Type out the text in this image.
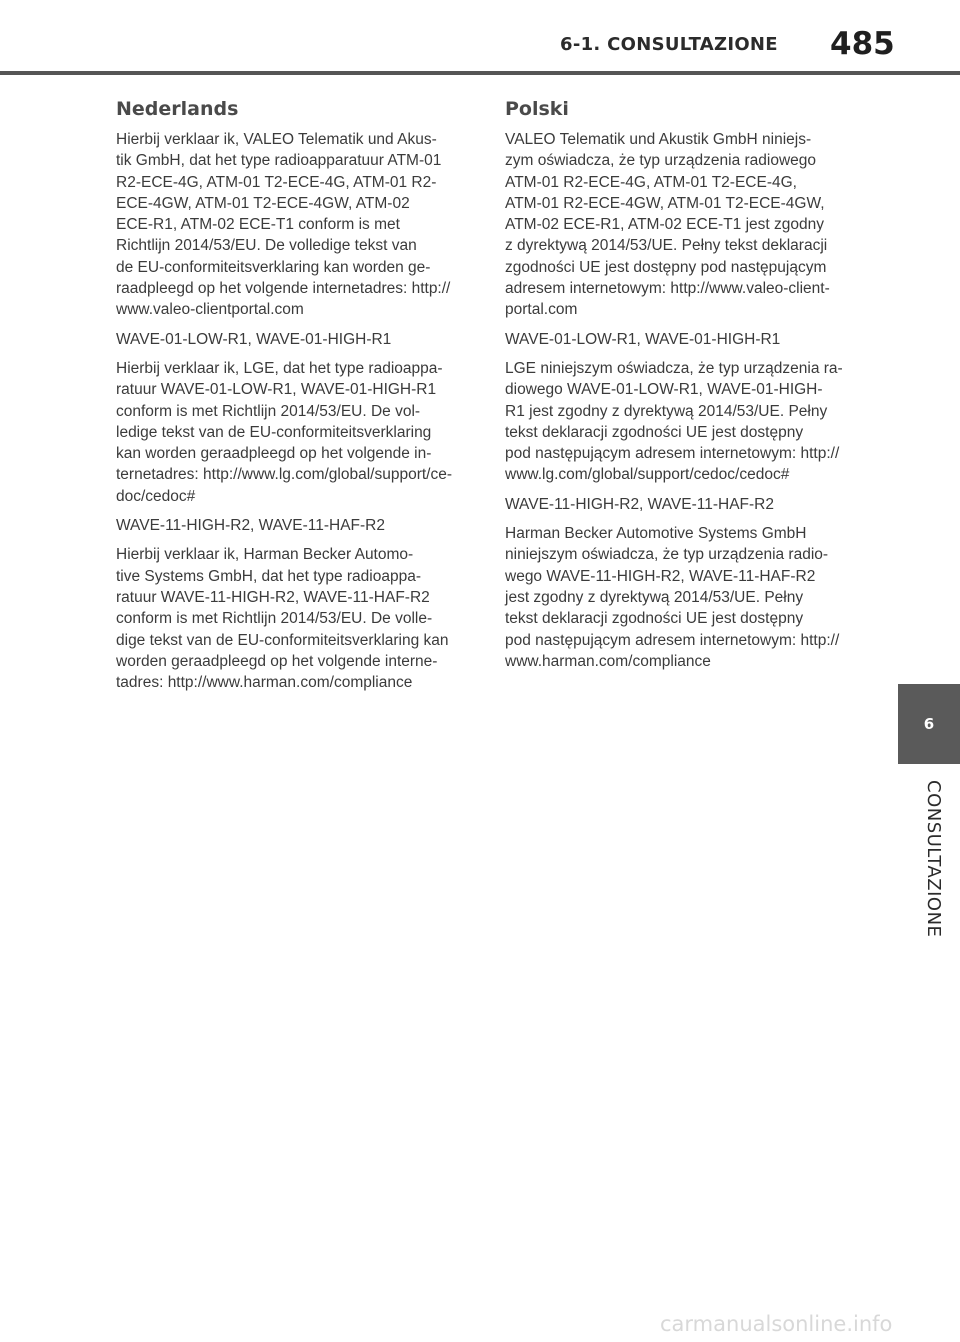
6-1. CONSULTAZIONE 485
Nederlands

Hierbij verklaar ik, VALEO Telematik und Akus-
tik GmbH, dat het type radioapparatuur ATM-01
R2-ECE-4G, ATM-01 T2-ECE-4G, ATM-01 R2-
ECE-4GW, ATM-01 T2-ECE-4GW, ATM-02
ECE-R1, ATM-02 ECE-T1 conform is met
Richtlijn 2014/53/EU. De volledige tekst van
de EU-conformiteitsverklaring kan worden ge-
raadpleegd op het volgende internetadres: http://
www.valeo-clientportal.com

WAVE-01-LOW-R1, WAVE-01-HIGH-R1

Hierbij verklaar ik, LGE, dat het type radioappa-
ratuur WAVE-01-LOW-R1, WAVE-01-HIGH-R1
conform is met Richtlijn 2014/53/EU. De vol-
ledige tekst van de EU-conformiteitsverklaring
kan worden geraadpleegd op het volgende in-
ternetadres: http://www.lg.com/global/support/ce-
doc/cedoc#

WAVE-11-HIGH-R2, WAVE-11-HAF-R2

Hierbij verklaar ik, Harman Becker Automo-
tive Systems GmbH, dat het type radioappa-
ratuur WAVE-11-HIGH-R2, WAVE-11-HAF-R2
conform is met Richtlijn 2014/53/EU. De volle-
dige tekst van de EU-conformiteitsverklaring kan
worden geraadpleegd op het volgende interne-
tadres: http://www.harman.com/compliance

Polski

VALEO Telematik und Akustik GmbH niniejs-
zym oświadcza, że typ urządzenia radiowego
ATM-01 R2-ECE-4G, ATM-01 T2-ECE-4G,
ATM-01 R2-ECE-4GW, ATM-01 T2-ECE-4GW,
ATM-02 ECE-R1, ATM-02 ECE-T1 jest zgodny
z dyrektywą 2014/53/UE. Pełny tekst deklaracji
zgodności UE jest dostępny pod następującym
adresem internetowym: http://www.valeo-client-
portal.com

WAVE-01-LOW-R1, WAVE-01-HIGH-R1

LGE niniejszym oświadcza, że typ urządzenia ra-
diowego WAVE-01-LOW-R1, WAVE-01-HIGH-
R1 jest zgodny z dyrektywą 2014/53/UE. Pełny
tekst deklaracji zgodności UE jest dostępny
pod następującym adresem internetowym: http://
www.lg.com/global/support/cedoc/cedoc#

WAVE-11-HIGH-R2, WAVE-11-HAF-R2

Harman Becker Automotive Systems GmbH
niniejszym oświadcza, że typ urządzenia radio-
wego WAVE-11-HIGH-R2, WAVE-11-HAF-R2
jest zgodny z dyrektywą 2014/53/UE. Pełny
tekst deklaracji zgodności UE jest dostępny
pod następującym adresem internetowym: http://
www.harman.com/compliance

6
CONSULTAZIONE
carmanualsonline.info
